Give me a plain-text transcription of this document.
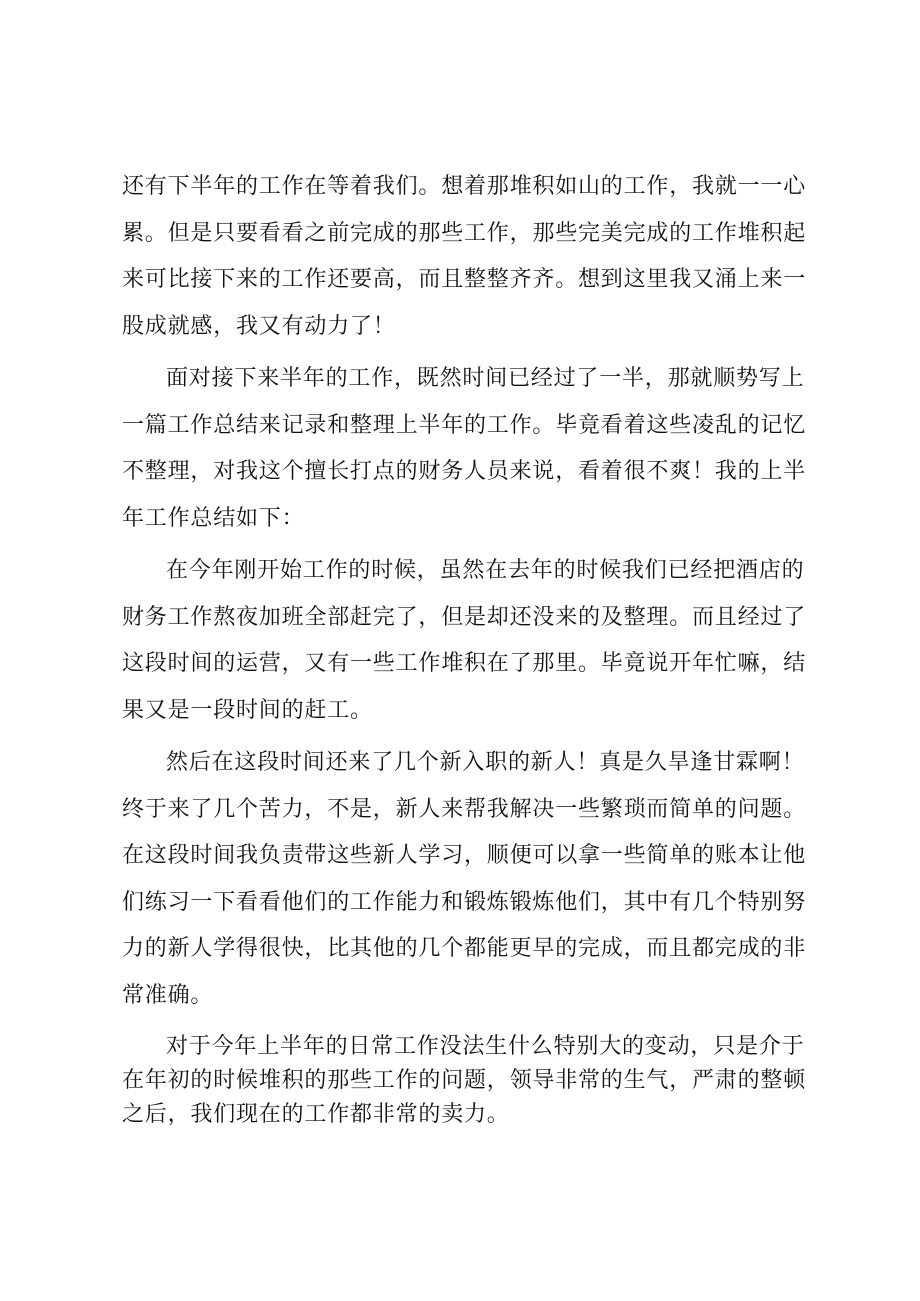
还有下半年的工作在等着我们。想着那堆积如山的工作，我就一一心累。但是只要看看之前完成的那些工作，那些完美完成的工作堆积起来可比接下来的工作还要高，而且整整齐齐。想到这里我又涌上来一股成就感，我又有动力了！

面对接下来半年的工作，既然时间已经过了一半，那就顺势写上一篇工作总结来记录和整理上半年的工作。毕竟看着这些凌乱的记忆不整理，对我这个擅长打点的财务人员来说，看着很不爽！我的上半年工作总结如下：

在今年刚开始工作的时候，虽然在去年的时候我们已经把酒店的财务工作熬夜加班全部赶完了，但是却还没来的及整理。而且经过了这段时间的运营，又有一些工作堆积在了那里。毕竟说开年忙嘛，结果又是一段时间的赶工。

然后在这段时间还来了几个新入职的新人！真是久旱逢甘霖啊！终于来了几个苦力，不是，新人来帮我解决一些繁琐而简单的问题。在这段时间我负责带这些新人学习，顺便可以拿一些简单的账本让他们练习一下看看他们的工作能力和锻炼锻炼他们，其中有几个特别努力的新人学得很快，比其他的几个都能更早的完成，而且都完成的非常准确。

对于今年上半年的日常工作没法生什么特别大的变动，只是介于在年初的时候堆积的那些工作的问题，领导非常的生气，严肃的整顿之后，我们现在的工作都非常的卖力。
